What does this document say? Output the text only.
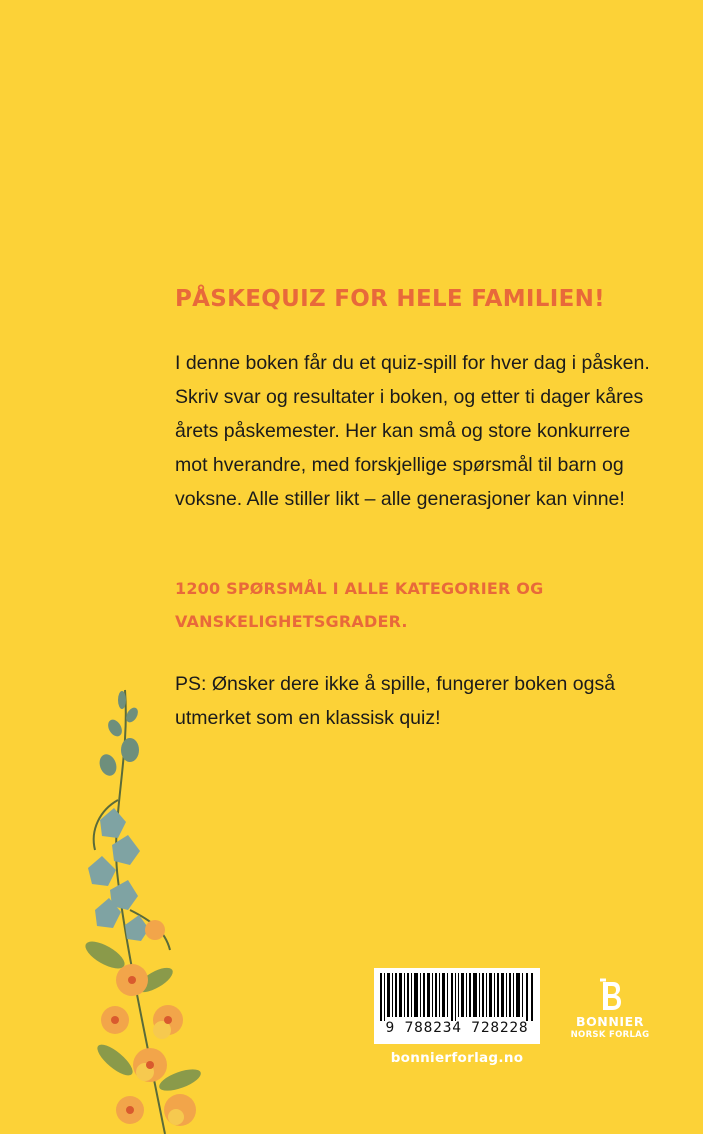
PÅSKEQUIZ FOR HELE FAMILIEN!

I denne boken får du et quiz-spill for hver dag i påsken. Skriv svar og resultater i boken, og etter ti dager kåres årets påskemester. Her kan små og store konkurrere mot hverandre, med forskjellige spørsmål til barn og voksne. Alle stiller likt – alle generasjoner kan vinne!

1200 SPØRSMÅL I ALLE KATEGORIER OG VANSKELIGHETSGRADER.

PS: Ønsker dere ikke å spille, fungerer boken også utmerket som en klassisk quiz!

9 788234 728228
bonnierforlag.no
BONNIER
NORSK FORLAG
